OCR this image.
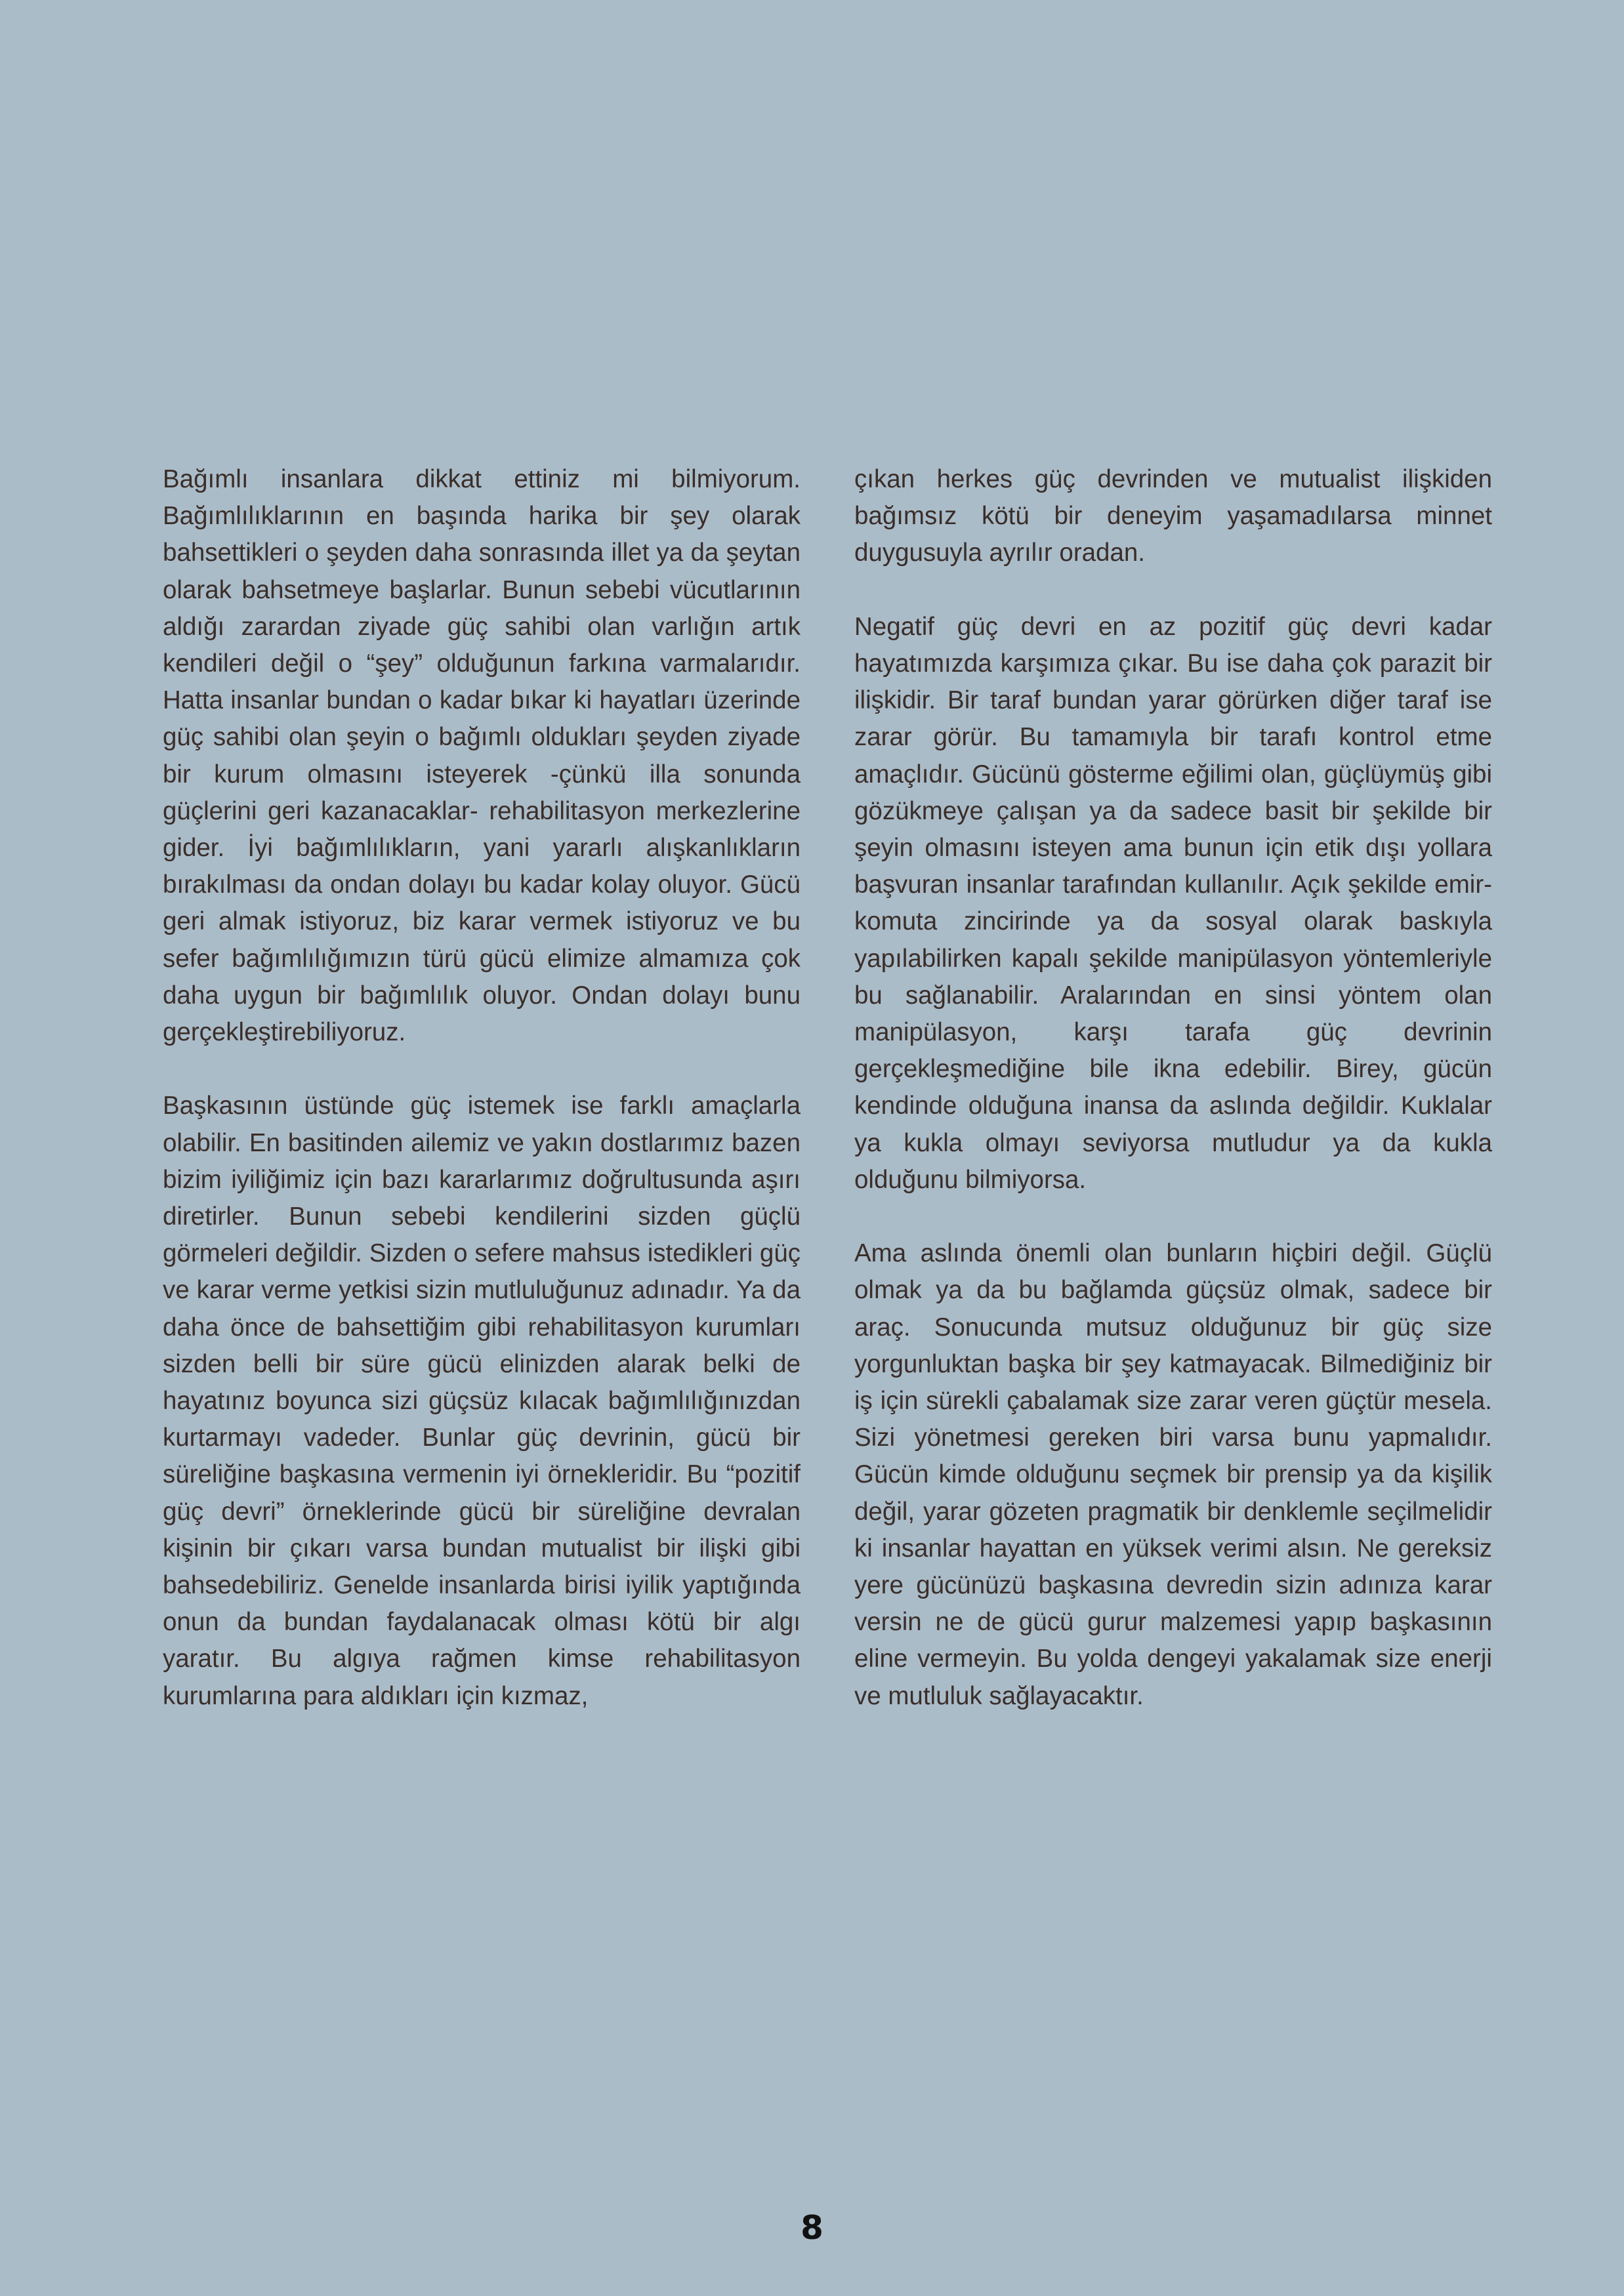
Bağımlı insanlara dikkat ettiniz mi bilmiyorum. Bağımlılıklarının en başında harika bir şey olarak bahsettikleri o şeyden daha sonrasında illet ya da şeytan olarak bahsetmeye başlarlar. Bunun sebebi vücutlarının aldığı zarardan ziyade güç sahibi olan varlığın artık kendileri değil o “şey” olduğunun farkına varmalarıdır. Hatta insanlar bundan o kadar bıkar ki hayatları üzerinde güç sahibi olan şeyin o bağımlı oldukları şeyden ziyade bir kurum olmasını isteyerek -çünkü illa sonunda güçlerini geri kazanacaklar- rehabilitasyon merkezlerine gider. İyi bağımlılıkların, yani yararlı alışkanlıkların bırakılması da ondan dolayı bu kadar kolay oluyor. Gücü geri almak istiyoruz, biz karar vermek istiyoruz ve bu sefer bağımlılığımızın türü gücü elimize almamıza çok daha uygun bir bağımlılık oluyor. Ondan dolayı bunu gerçekleştirebiliyoruz.

Başkasının üstünde güç istemek ise farklı amaçlarla olabilir. En basitinden ailemiz ve yakın dostlarımız bazen bizim iyiliğimiz için bazı kararlarımız doğrultusunda aşırı diretirler. Bunun sebebi kendilerini sizden güçlü görmeleri değildir. Sizden o sefere mahsus istedikleri güç ve karar verme yetkisi sizin mutluluğunuz adınadır. Ya da daha önce de bahsettiğim gibi rehabilitasyon kurumları sizden belli bir süre gücü elinizden alarak belki de hayatınız boyunca sizi güçsüz kılacak bağımlılığınızdan kurtarmayı vadeder. Bunlar güç devrinin, gücü bir süreliğine başkasına vermenin iyi örnekleridir. Bu “pozitif güç devri” örneklerinde gücü bir süreliğine devralan kişinin bir çıkarı varsa bundan mutualist bir ilişki gibi bahsedebiliriz. Genelde insanlarda birisi iyilik yaptığında onun da bundan faydalanacak olması kötü bir algı yaratır. Bu algıya rağmen kimse rehabilitasyon kurumlarına para aldıkları için kızmaz,

çıkan herkes güç devrinden ve mutualist ilişkiden bağımsız kötü bir deneyim yaşamadılarsa minnet duygusuyla ayrılır oradan.

Negatif güç devri en az pozitif güç devri kadar hayatımızda karşımıza çıkar. Bu ise daha çok parazit bir ilişkidir. Bir taraf bundan yarar görürken diğer taraf ise zarar görür. Bu tamamıyla bir tarafı kontrol etme amaçlıdır. Gücünü gösterme eğilimi olan, güçlüymüş gibi gözükmeye çalışan ya da sadece basit bir şekilde bir şeyin olmasını isteyen ama bunun için etik dışı yollara başvuran insanlar tarafından kullanılır. Açık şekilde emir-komuta zincirinde ya da sosyal olarak baskıyla yapılabilirken kapalı şekilde manipülasyon yöntemleriyle bu sağlanabilir. Aralarından en sinsi yöntem olan manipülasyon, karşı tarafa güç devrinin gerçekleşmediğine bile ikna edebilir. Birey, gücün kendinde olduğuna inansa da aslında değildir. Kuklalar ya kukla olmayı seviyorsa mutludur ya da kukla olduğunu bilmiyorsa.

Ama aslında önemli olan bunların hiçbiri değil. Güçlü olmak ya da bu bağlamda güçsüz olmak, sadece bir araç. Sonucunda mutsuz olduğunuz bir güç size yorgunluktan başka bir şey katmayacak. Bilmediğiniz bir iş için sürekli çabalamak size zarar veren güçtür mesela. Sizi yönetmesi gereken biri varsa bunu yapmalıdır. Gücün kimde olduğunu seçmek bir prensip ya da kişilik değil, yarar gözeten pragmatik bir denklemle seçilmelidir ki insanlar hayattan en yüksek verimi alsın. Ne gereksiz yere gücünüzü başkasına devredin sizin adınıza karar versin ne de gücü gurur malzemesi yapıp başkasının eline vermeyin. Bu yolda dengeyi yakalamak size enerji ve mutluluk sağlayacaktır.

8
